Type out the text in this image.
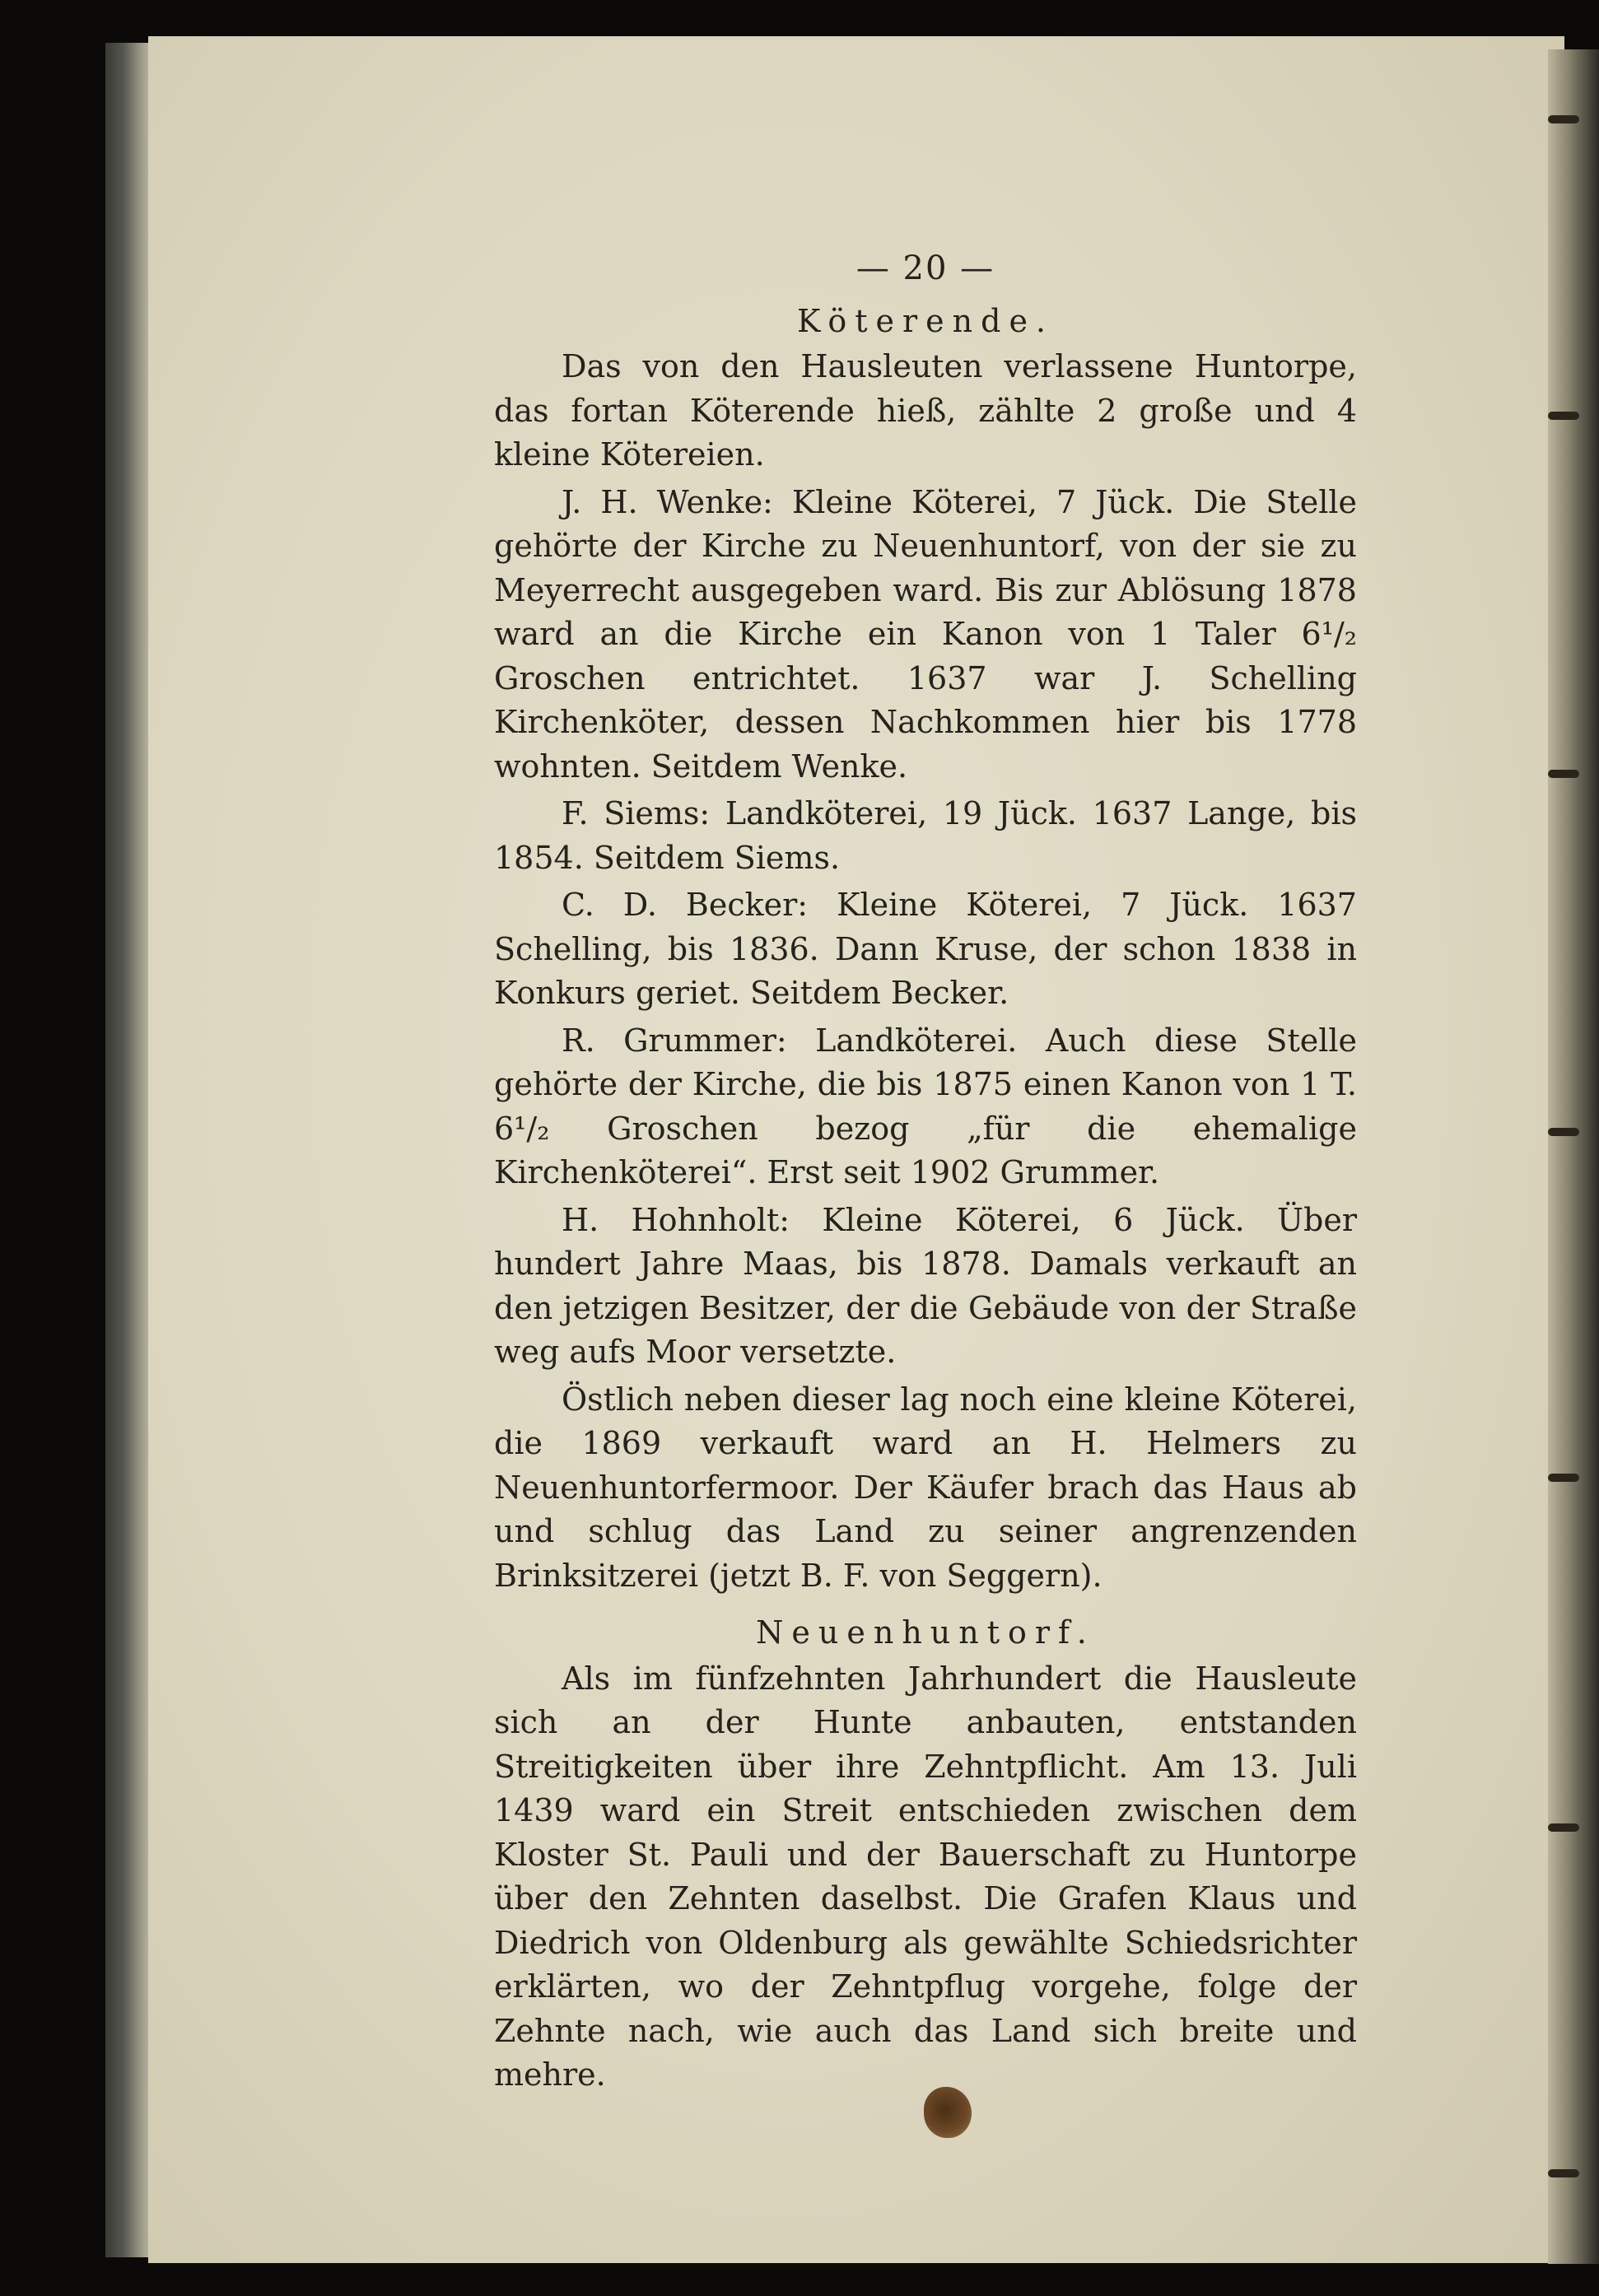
— 20 —
Köterende.

Das von den Hausleuten verlassene Huntorpe, das fortan Köterende hieß, zählte 2 große und 4 kleine Kötereien.

J. H. Wenke: Kleine Köterei, 7 Jück. Die Stelle gehörte der Kirche zu Neuenhuntorf, von der sie zu Meyerrecht ausgegeben ward. Bis zur Ablösung 1878 ward an die Kirche ein Kanon von 1 Taler 6¹/₂ Groschen entrichtet. 1637 war J. Schelling Kirchenköter, dessen Nachkommen hier bis 1778 wohnten. Seitdem Wenke.

F. Siems: Landköterei, 19 Jück. 1637 Lange, bis 1854. Seitdem Siems.

C. D. Becker: Kleine Köterei, 7 Jück. 1637 Schelling, bis 1836. Dann Kruse, der schon 1838 in Konkurs geriet. Seitdem Becker.

R. Grummer: Landköterei. Auch diese Stelle gehörte der Kirche, die bis 1875 einen Kanon von 1 T. 6¹/₂ Groschen bezog „für die ehemalige Kirchenköterei“. Erst seit 1902 Grummer.

H. Hohnholt: Kleine Köterei, 6 Jück. Über hundert Jahre Maas, bis 1878. Damals verkauft an den jetzigen Besitzer, der die Gebäude von der Straße weg aufs Moor versetzte.

Östlich neben dieser lag noch eine kleine Köterei, die 1869 verkauft ward an H. Helmers zu Neuenhuntorfermoor. Der Käufer brach das Haus ab und schlug das Land zu seiner angrenzenden Brinksitzerei (jetzt B. F. von Seggern).

Neuenhuntorf.

Als im fünfzehnten Jahrhundert die Hausleute sich an der Hunte anbauten, entstanden Streitigkeiten über ihre Zehntpflicht. Am 13. Juli 1439 ward ein Streit entschieden zwischen dem Kloster St. Pauli und der Bauerschaft zu Huntorpe über den Zehnten daselbst. Die Grafen Klaus und Diedrich von Oldenburg als gewählte Schiedsrichter erklärten, wo der Zehntpflug vorgehe, folge der Zehnte nach, wie auch das Land sich breite und mehre.
